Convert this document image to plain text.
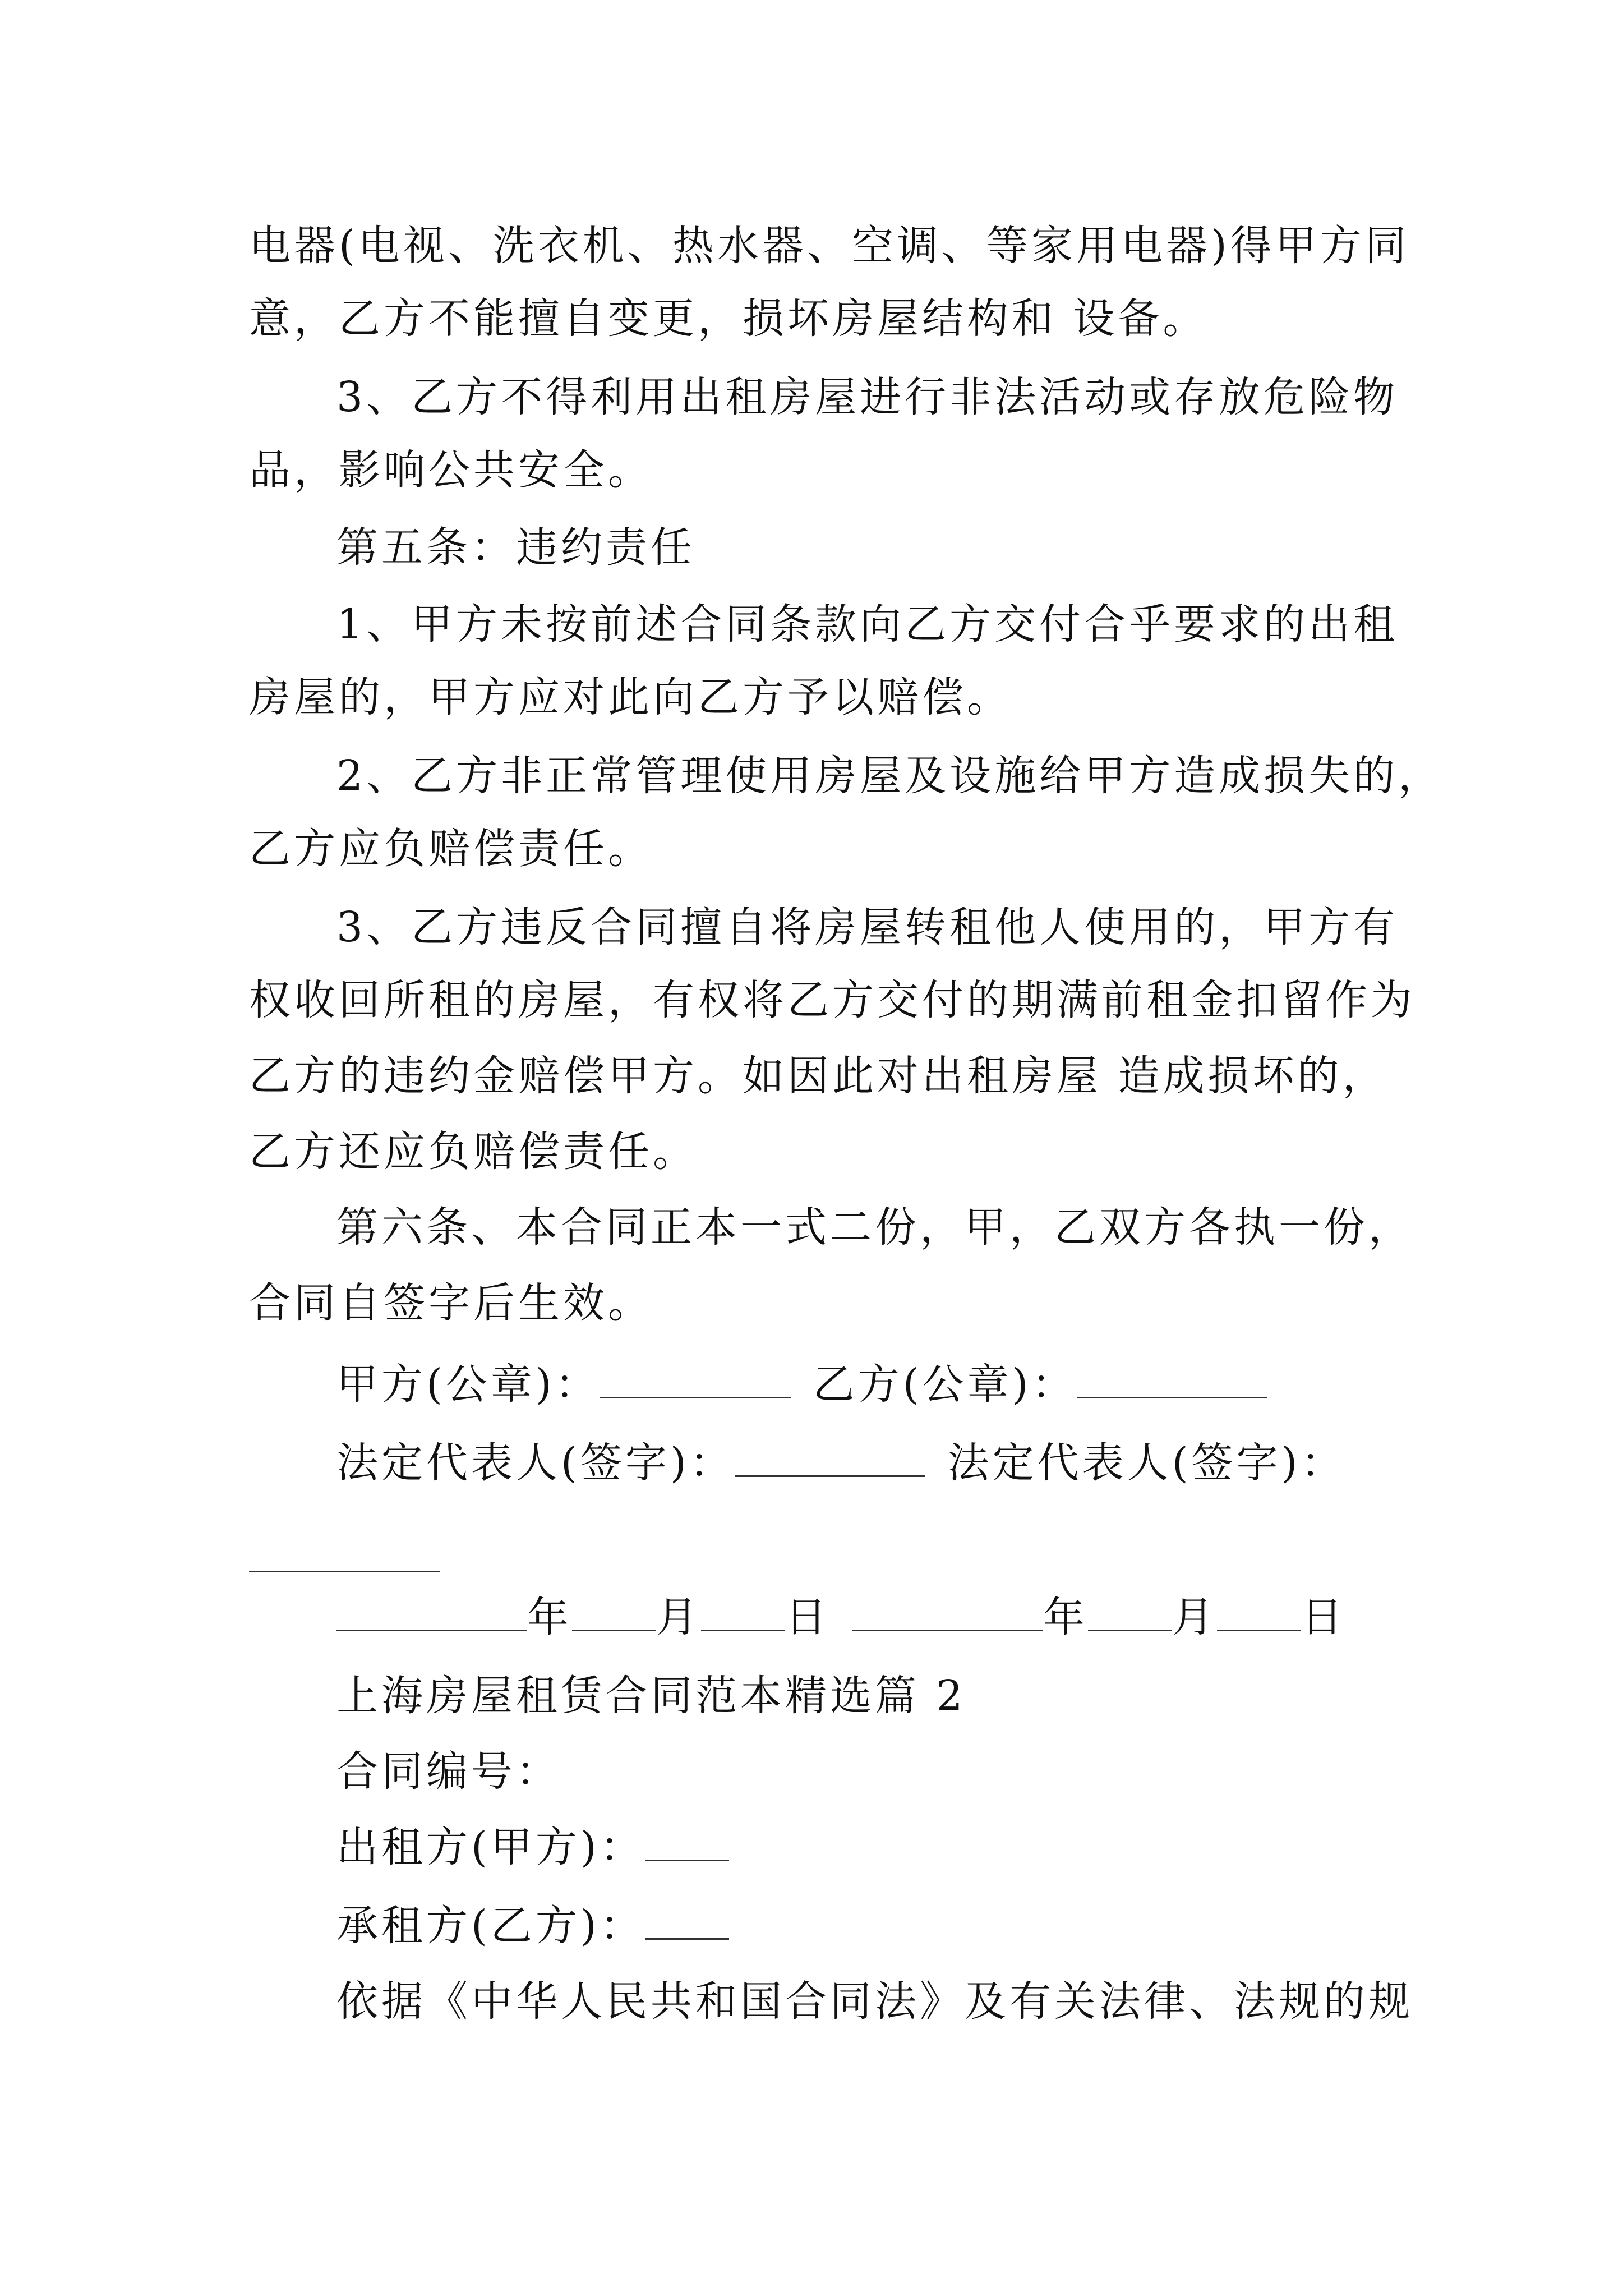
电器(电视、洗衣机、热水器、空调、等家用电器)得甲方同
意，乙方不能擅自变更，损坏房屋结构和 设备。
3、乙方不得利用出租房屋进行非法活动或存放危险物
品，影响公共安全。
第五条：违约责任
1、甲方未按前述合同条款向乙方交付合乎要求的出租
房屋的，甲方应对此向乙方予以赔偿。
2、乙方非正常管理使用房屋及设施给甲方造成损失的，
乙方应负赔偿责任。
3、乙方违反合同擅自将房屋转租他人使用的，甲方有
权收回所租的房屋，有权将乙方交付的期满前租金扣留作为
乙方的违约金赔偿甲方。如因此对出租房屋 造成损坏的，
乙方还应负赔偿责任。
第六条、本合同正本一式二份，甲，乙双方各执一份，
合同自签字后生效。
甲方(公章)：	乙方(公章)：
法定代表人(签字)：	法定代表人(签字)：
年 月 日	年 月 日
上海房屋租赁合同范本精选篇 2
合同编号：
出租方(甲方)：
承租方(乙方)：
依据《中华人民共和国合同法》及有关法律、法规的规
